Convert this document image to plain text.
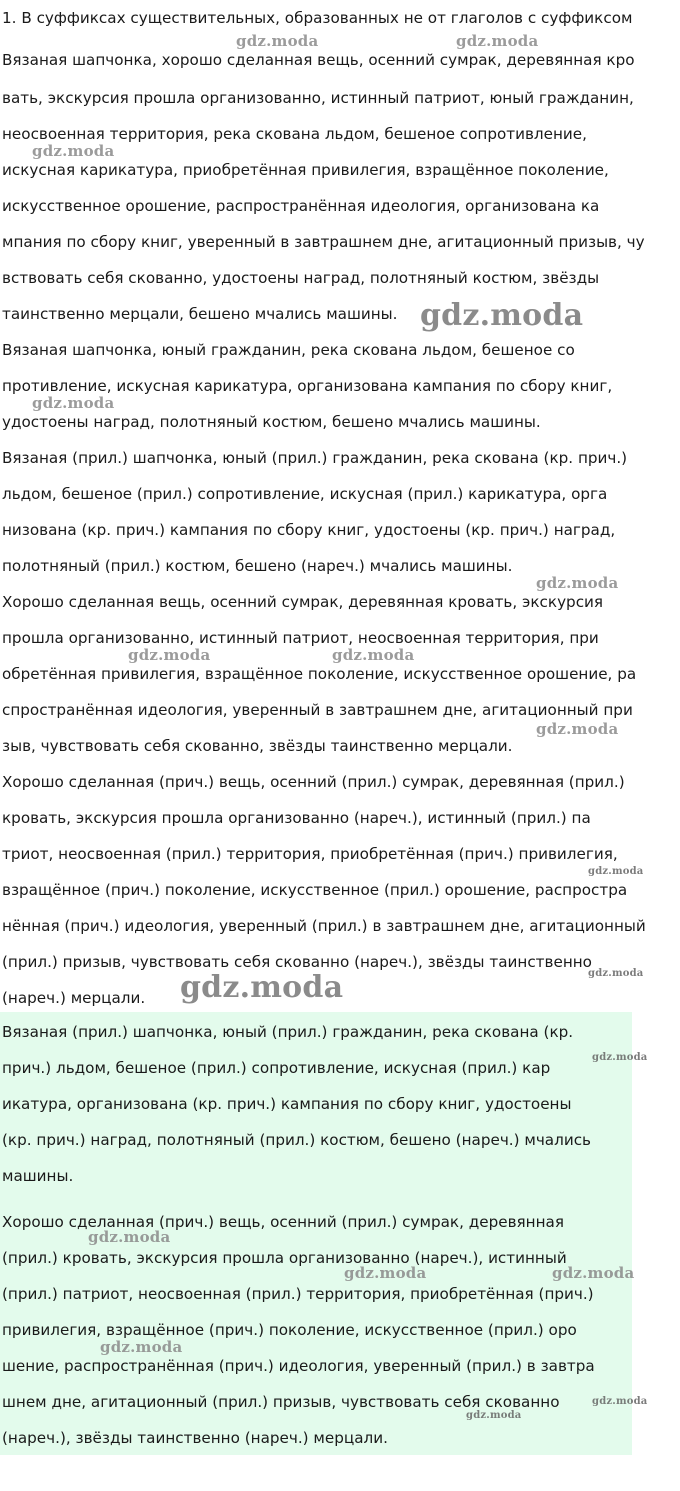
1. В суффиксах существительных, образованных не от глаголов с суффиксом
Вязаная шапчонка, хорошо сделанная вещь, осенний сумрак, деревянная кро
вать, экскурсия прошла организованно, истинный патриот, юный гражданин,
неосвоенная территория, река скована льдом, бешеное сопротивление,
искусная карикатура, приобретённая привилегия, взращённое поколение,
искусственное орошение, распространённая идеология, организована ка
мпания по сбору книг, уверенный в завтрашнем дне, агитационный призыв, чу
вствовать себя скованно, удостоены наград, полотняный костюм, звёзды
таинственно мерцали, бешено мчались машины.
Вязаная шапчонка, юный гражданин, река скована льдом, бешеное со
противление, искусная карикатура, организована кампания по сбору книг,
удостоены наград, полотняный костюм, бешено мчались машины.
Вязаная (прил.) шапчонка, юный (прил.) гражданин, река скована (кр. прич.)
льдом, бешеное (прил.) сопротивление, искусная (прил.) карикатура, орга
низована (кр. прич.) кампания по сбору книг, удостоены (кр. прич.) наград,
полотняный (прил.) костюм, бешено (нареч.) мчались машины.
Хорошо сделанная вещь, осенний сумрак, деревянная кровать, экскурсия
прошла организованно, истинный патриот, неосвоенная территория, при
обретённая привилегия, взращённое поколение, искусственное орошение, ра
спространённая идеология, уверенный в завтрашнем дне, агитационный при
зыв, чувствовать себя скованно, звёзды таинственно мерцали.
Хорошо сделанная (прич.) вещь, осенний (прил.) сумрак, деревянная (прил.)
кровать, экскурсия прошла организованно (нареч.), истинный (прил.) па
триот, неосвоенная (прил.) территория, приобретённая (прич.) привилегия,
взращённое (прич.) поколение, искусственное (прил.) орошение, распростра
нённая (прич.) идеология, уверенный (прил.) в завтрашнем дне, агитационный
(прил.) призыв, чувствовать себя скованно (нареч.), звёзды таинственно
(нареч.) мерцали.
Вязаная (прил.) шапчонка, юный (прил.) гражданин, река скована (кр.
прич.) льдом, бешеное (прил.) сопротивление, искусная (прил.) кар
икатура, организована (кр. прич.) кампания по сбору книг, удостоены
(кр. прич.) наград, полотняный (прил.) костюм, бешено (нареч.) мчались
машины.
Хорошо сделанная (прич.) вещь, осенний (прил.) сумрак, деревянная
(прил.) кровать, экскурсия прошла организованно (нареч.), истинный
(прил.) патриот, неосвоенная (прил.) территория, приобретённая (прич.)
привилегия, взращённое (прич.) поколение, искусственное (прил.) оро
шение, распространённая (прич.) идеология, уверенный (прил.) в завтра
шнем дне, агитационный (прил.) призыв, чувствовать себя скованно
(нареч.), звёзды таинственно (нареч.) мерцали.
gdz.moda	gdz.moda
gdz.moda
gdz.moda
gdz.moda
gdz.moda
gdz.moda	gdz.moda
gdz.moda
gdz.moda
gdz.moda
gdz.moda
gdz.moda
gdz.moda
gdz.moda	gdz.moda
gdz.moda
gdz.moda
gdz.moda
